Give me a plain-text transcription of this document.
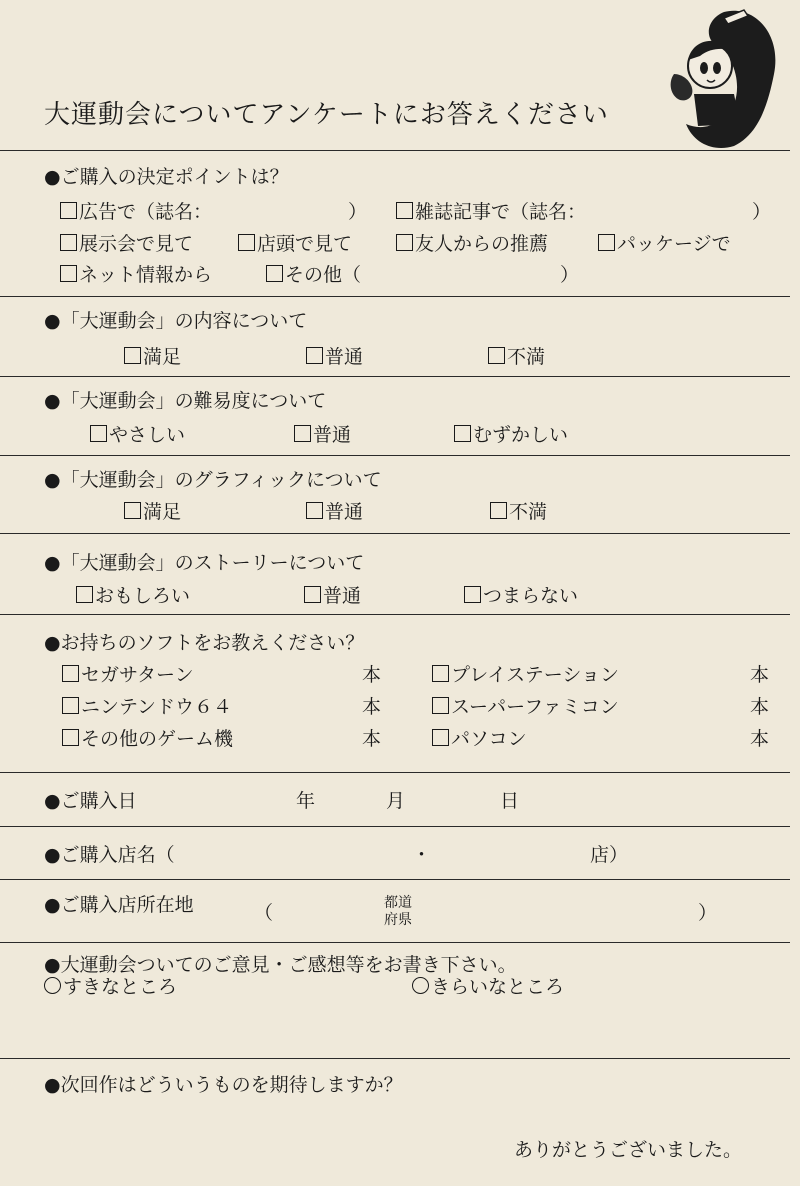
大運動会についてアンケートにお答えください
●ご購入の決定ポイントは？
広告で（誌名：	）	雑誌記事で（誌名：	）
展示会で見て	店頭で見て	友人からの推薦	パッケージで
ネット情報から	その他（	）
●「大運動会」の内容について
満足	普通	不満
●「大運動会」の難易度について
やさしい	普通	むずかしい
●「大運動会」のグラフィックについて
満足	普通	不満
●「大運動会」のストーリーについて
おもしろい	普通	つまらない
●お持ちのソフトをお教えください？
セガサターン	本	プレイステーション	本
ニンテンドウ６４	本	スーパーファミコン	本
その他のゲーム機	本	パソコン	本
●ご購入日	年	月	日
●ご購入店名（	・	店）
●ご購入店所在地	（	都道
府県	）
●大運動会ついてのご意見・ご感想等をお書き下さい。
すきなところ	きらいなところ
●次回作はどういうものを期待しますか？
ありがとうございました。
